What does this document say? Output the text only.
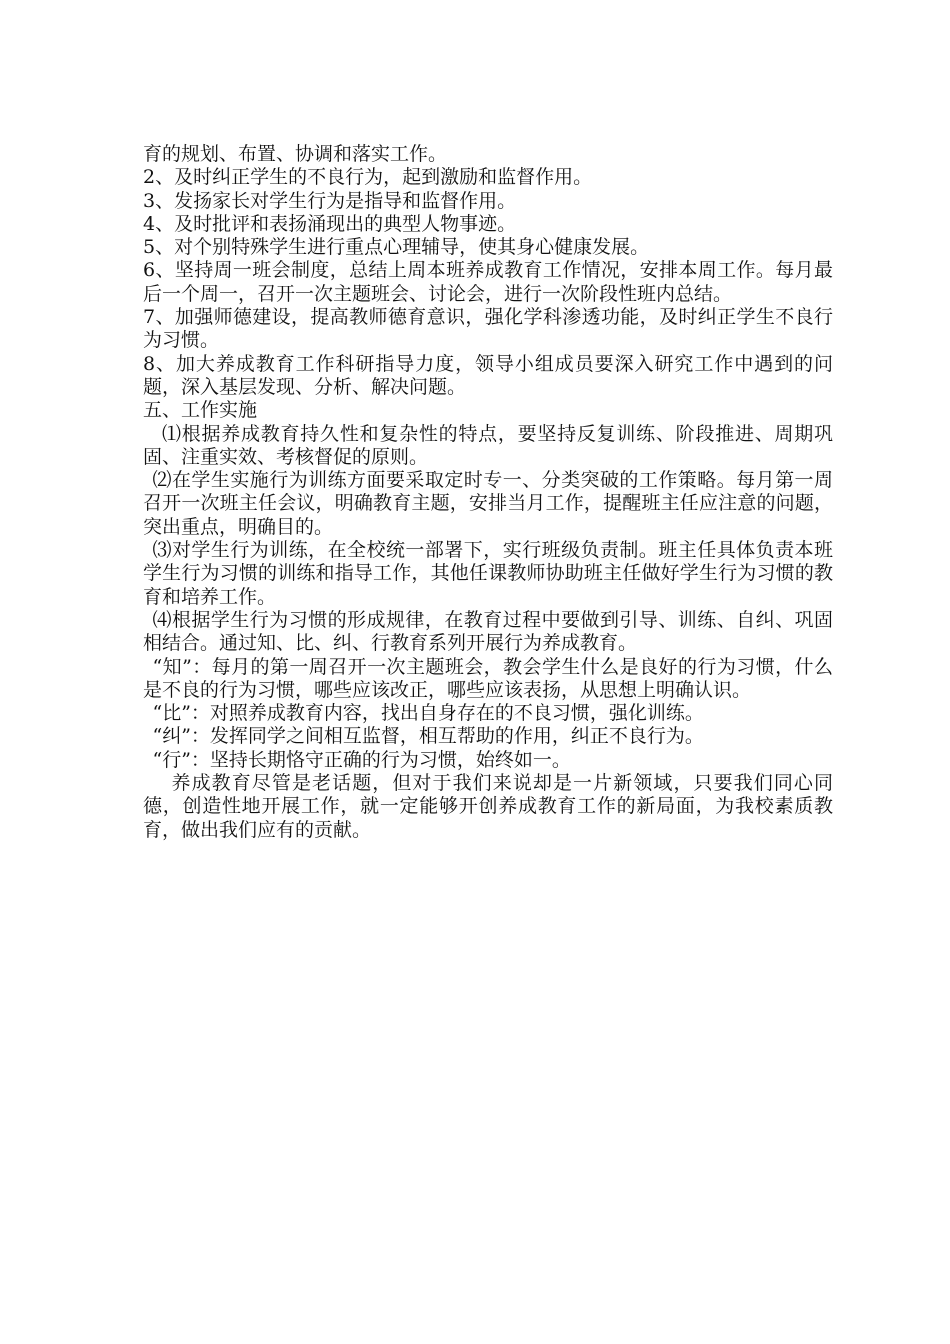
育的规划、布置、协调和落实工作。

2、及时纠正学生的不良行为，起到激励和监督作用。

3、发扬家长对学生行为是指导和监督作用。

4、及时批评和表扬涌现出的典型人物事迹。

5、对个别特殊学生进行重点心理辅导，使其身心健康发展。

6、坚持周一班会制度，总结上周本班养成教育工作情况，安排本周工作。每月最后一个周一，召开一次主题班会、讨论会，进行一次阶段性班内总结。

7、加强师德建设，提高教师德育意识，强化学科渗透功能，及时纠正学生不良行为习惯。

8、加大养成教育工作科研指导力度，领导小组成员要深入研究工作中遇到的问题，深入基层发现、分析、解决问题。

五、工作实施

⑴根据养成教育持久性和复杂性的特点，要坚持反复训练、阶段推进、周期巩固、注重实效、考核督促的原则。

⑵在学生实施行为训练方面要采取定时专一、分类突破的工作策略。每月第一周召开一次班主任会议，明确教育主题，安排当月工作，提醒班主任应注意的问题，突出重点，明确目的。

⑶对学生行为训练，在全校统一部署下，实行班级负责制。班主任具体负责本班学生行为习惯的训练和指导工作，其他任课教师协助班主任做好学生行为习惯的教育和培养工作。

⑷根据学生行为习惯的形成规律，在教育过程中要做到引导、训练、自纠、巩固相结合。通过知、比、纠、行教育系列开展行为养成教育。

“知”：每月的第一周召开一次主题班会，教会学生什么是良好的行为习惯，什么是不良的行为习惯，哪些应该改正，哪些应该表扬，从思想上明确认识。

“比”：对照养成教育内容，找出自身存在的不良习惯，强化训练。

“纠”：发挥同学之间相互监督，相互帮助的作用，纠正不良行为。

“行”：坚持长期恪守正确的行为习惯，始终如一。

养成教育尽管是老话题，但对于我们来说却是一片新领域，只要我们同心同德，创造性地开展工作，就一定能够开创养成教育工作的新局面，为我校素质教育，做出我们应有的贡献。
